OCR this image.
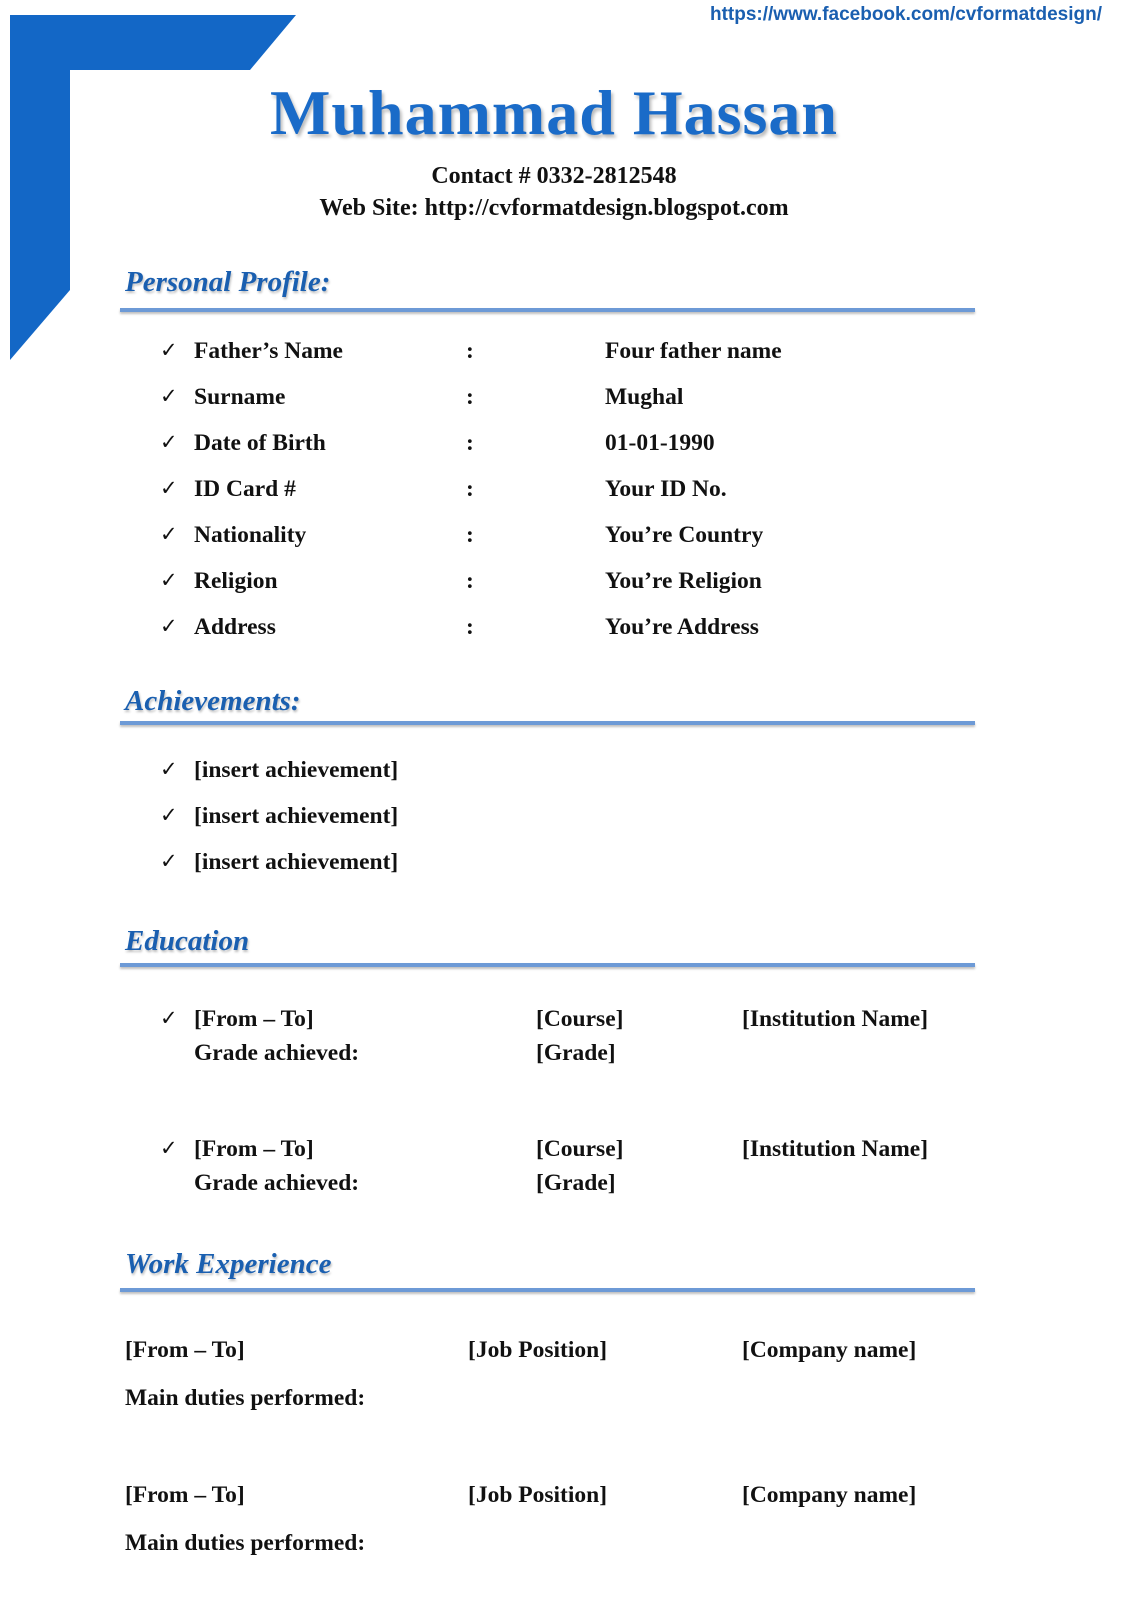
https://www.facebook.com/cvformatdesign/
Muhammad Hassan
Contact # 0332-2812548
Web Site: http://cvformatdesign.blogspot.com
Personal Profile:
✓ Father’s Name	:	Four father name
✓ Surname	:	Mughal
✓ Date of Birth	:	01-01-1990
✓ ID Card #	:	Your ID No.
✓ Nationality	:	You’re Country
✓ Religion	:	You’re Religion
✓ Address	:	You’re Address
Achievements:
✓ [insert achievement]
✓ [insert achievement]
✓ [insert achievement]
Education
✓ [From – To]	[Course]	[Institution Name]
Grade achieved:	[Grade]
✓ [From – To]	[Course]	[Institution Name]
Grade achieved:	[Grade]
Work Experience
[From – To]	[Job Position]	[Company name]
Main duties performed:
[From – To]	[Job Position]	[Company name]
Main duties performed:
